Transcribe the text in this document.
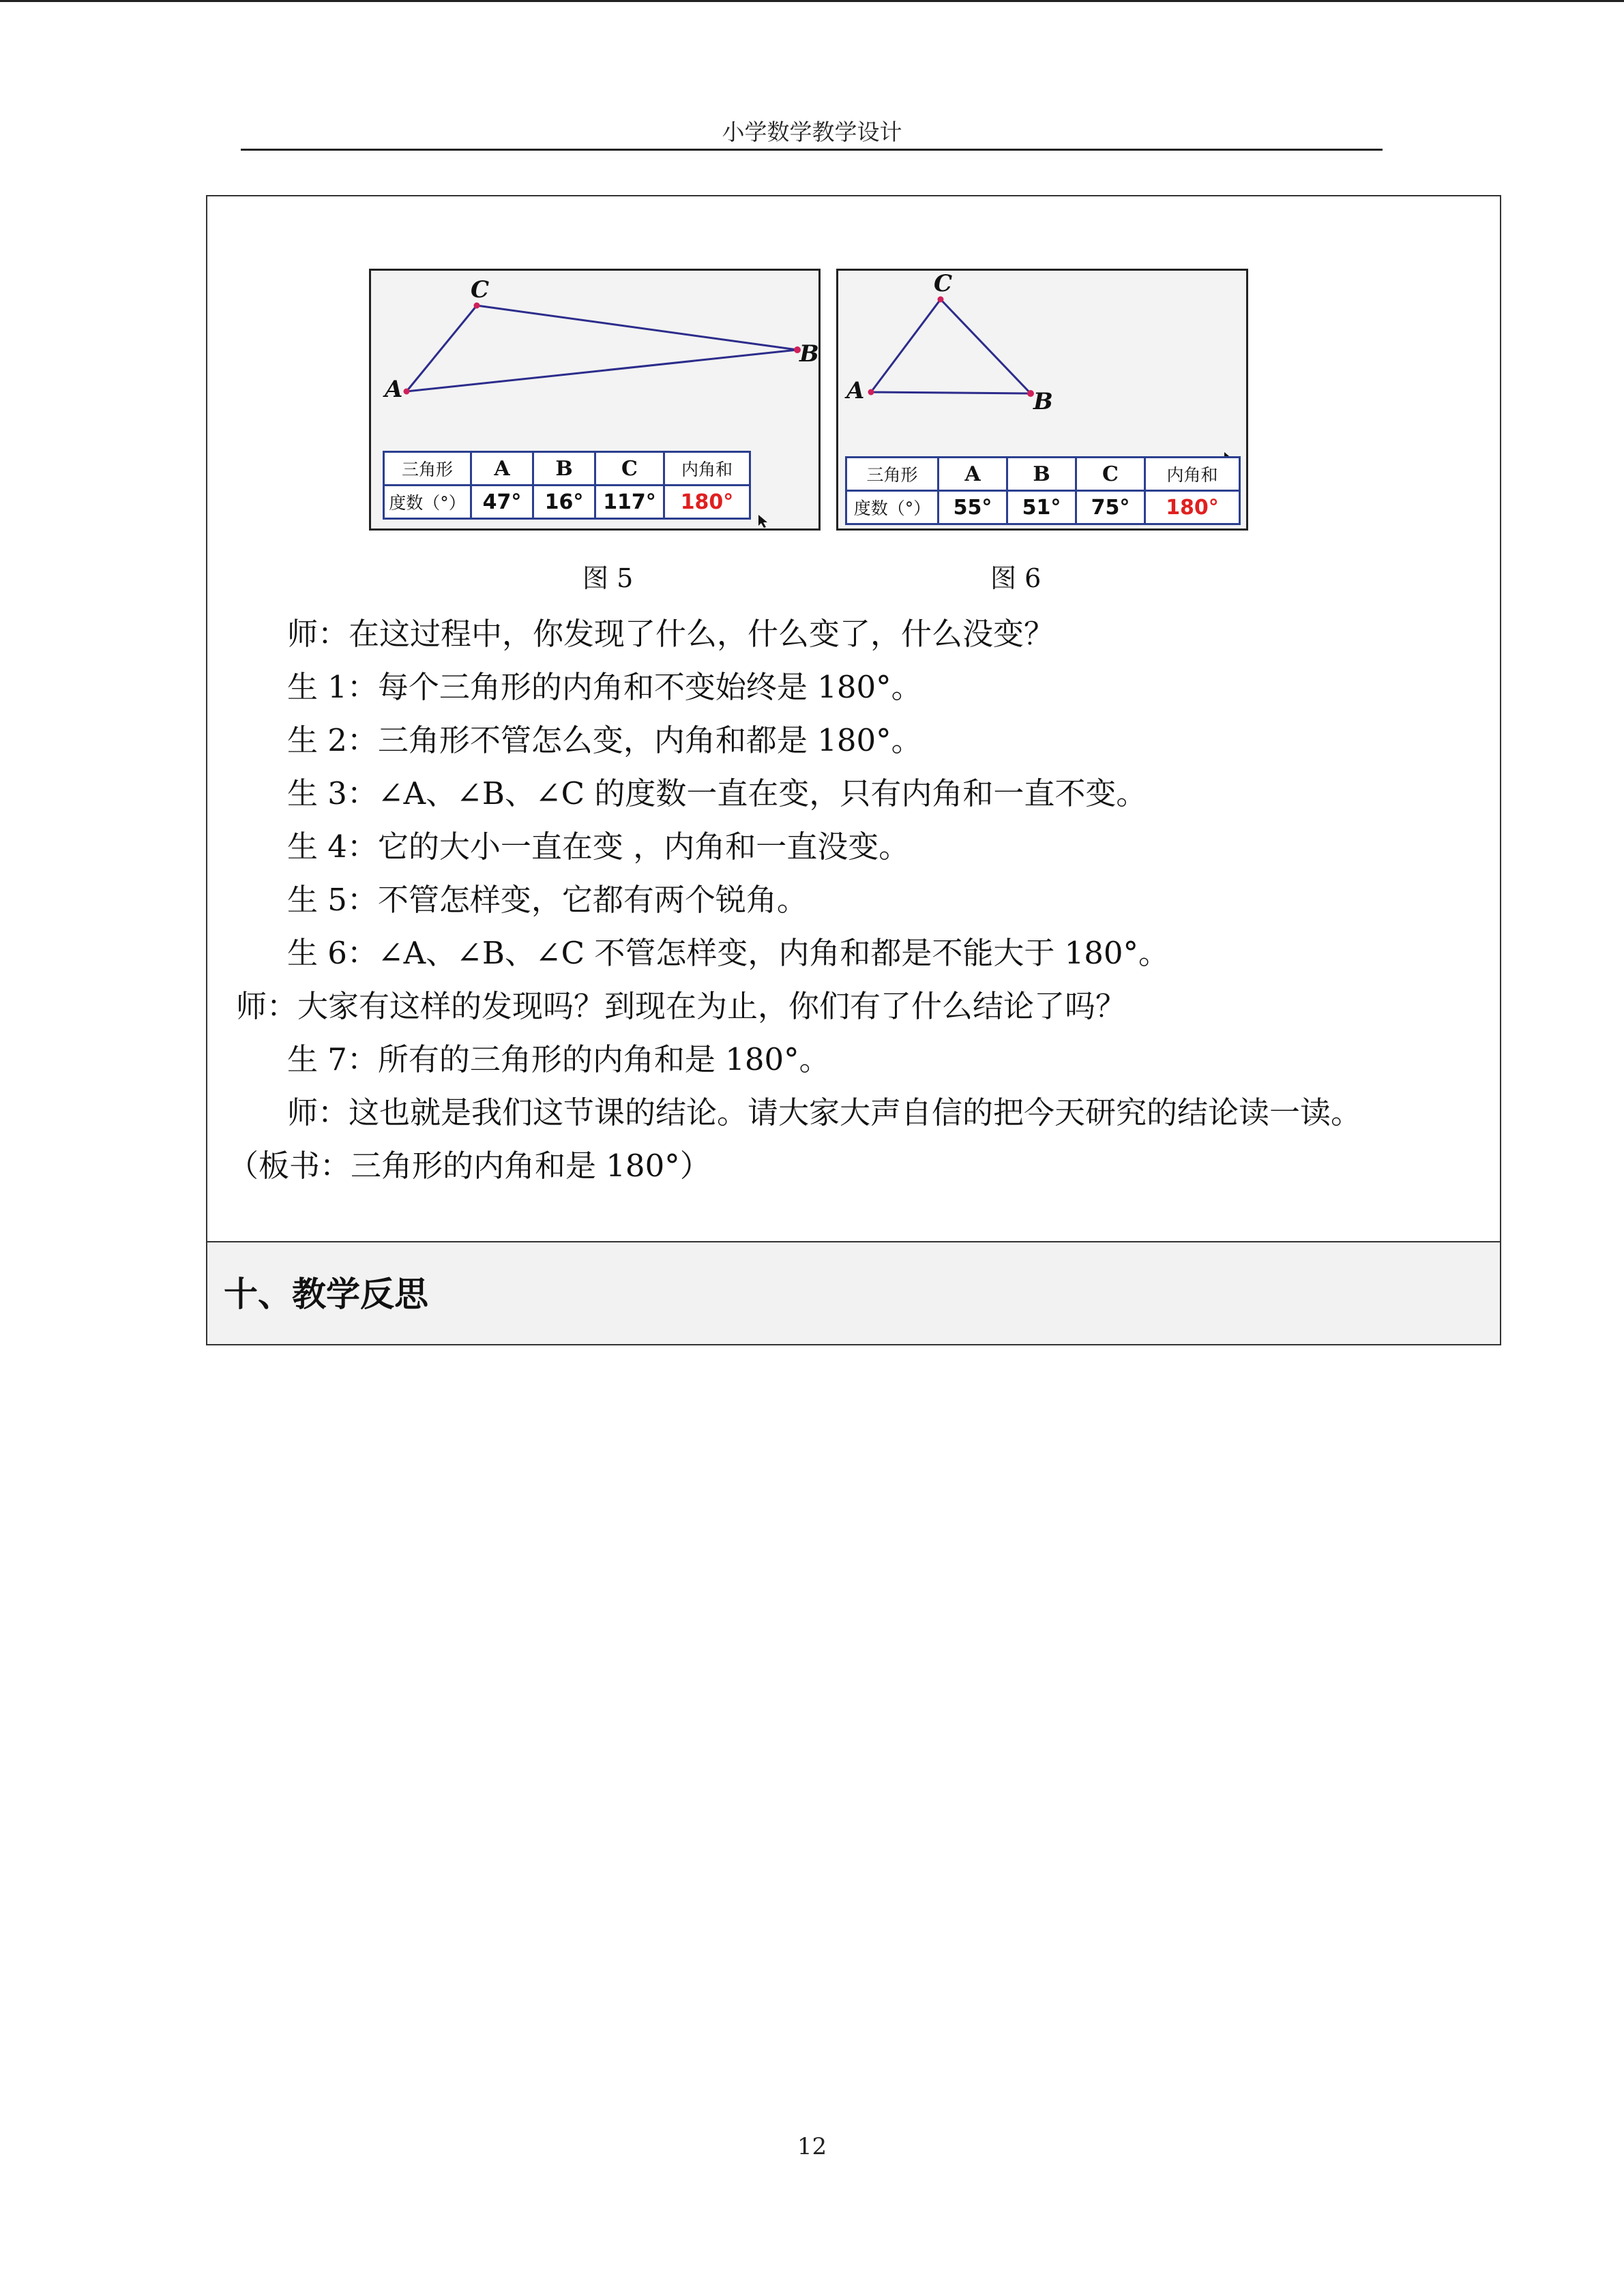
小学数学教学设计
A
C
B
三角形	A	B	C	内角和
度数（°）	47°	16°	117°	180°
图 5
A
C
B
三角形	A	B	C	内角和
度数（°）	55°	51°	75°	180°
图 6
师：在这过程中，你发现了什么，什么变了，什么没变？
生 1：每个三角形的内角和不变始终是 180°。
生 2：三角形不管怎么变，内角和都是 180°。
生 3：∠A、∠B、∠C 的度数一直在变，只有内角和一直不变。
生 4：它的大小一直在变 ，内角和一直没变。
生 5：不管怎样变，它都有两个锐角。
生 6：∠A、∠B、∠C 不管怎样变，内角和都是不能大于 180°。
师：大家有这样的发现吗？到现在为止，你们有了什么结论了吗？
生 7：所有的三角形的内角和是 180°。
师：这也就是我们这节课的结论。请大家大声自信的把今天研究的结论读一读。
（板书：三角形的内角和是 180°）
十、教学反思
12
